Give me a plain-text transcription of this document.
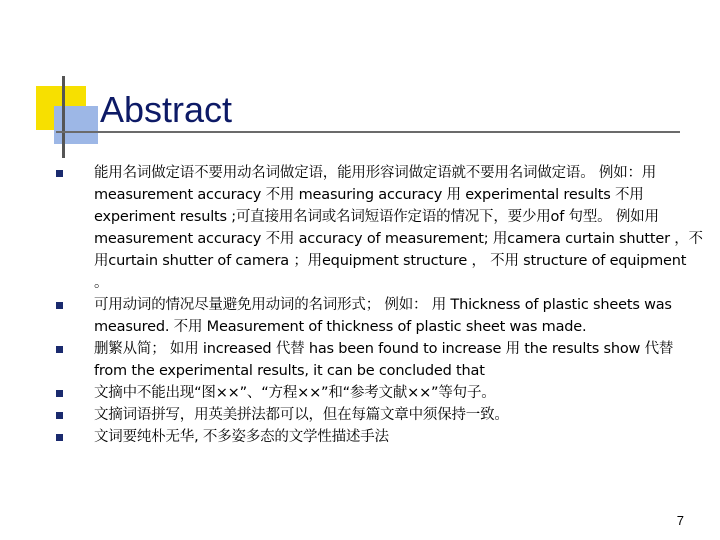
Abstract
能用名词做定语不要用动名词做定语，能用形容词做定语就不要用名词做定语。 例如：用measurement accuracy 不用 measuring accuracy 用 experimental results 不用 experiment results ;可直接用名词或名词短语作定语的情况下，要少用of 句型。 例如用measurement accuracy 不用 accuracy of measurement; 用camera curtain shutter ，不用curtain shutter of camera ；用equipment structure ， 不用 structure of equipment 。
可用动词的情况尽量避免用动词的名词形式； 例如： 用 Thickness of plastic sheets was measured. 不用 Measurement of thickness of plastic sheet was made.
删繁从简； 如用 increased 代替 has been found to increase 用 the results show 代替 from the experimental results, it can be concluded that
文摘中不能出现“图××”、“方程××”和“参考文献××”等句子。
文摘词语拼写，用英美拼法都可以，但在每篇文章中须保持一致。
文词要纯朴无华, 不多姿多态的文学性描述手法
7
